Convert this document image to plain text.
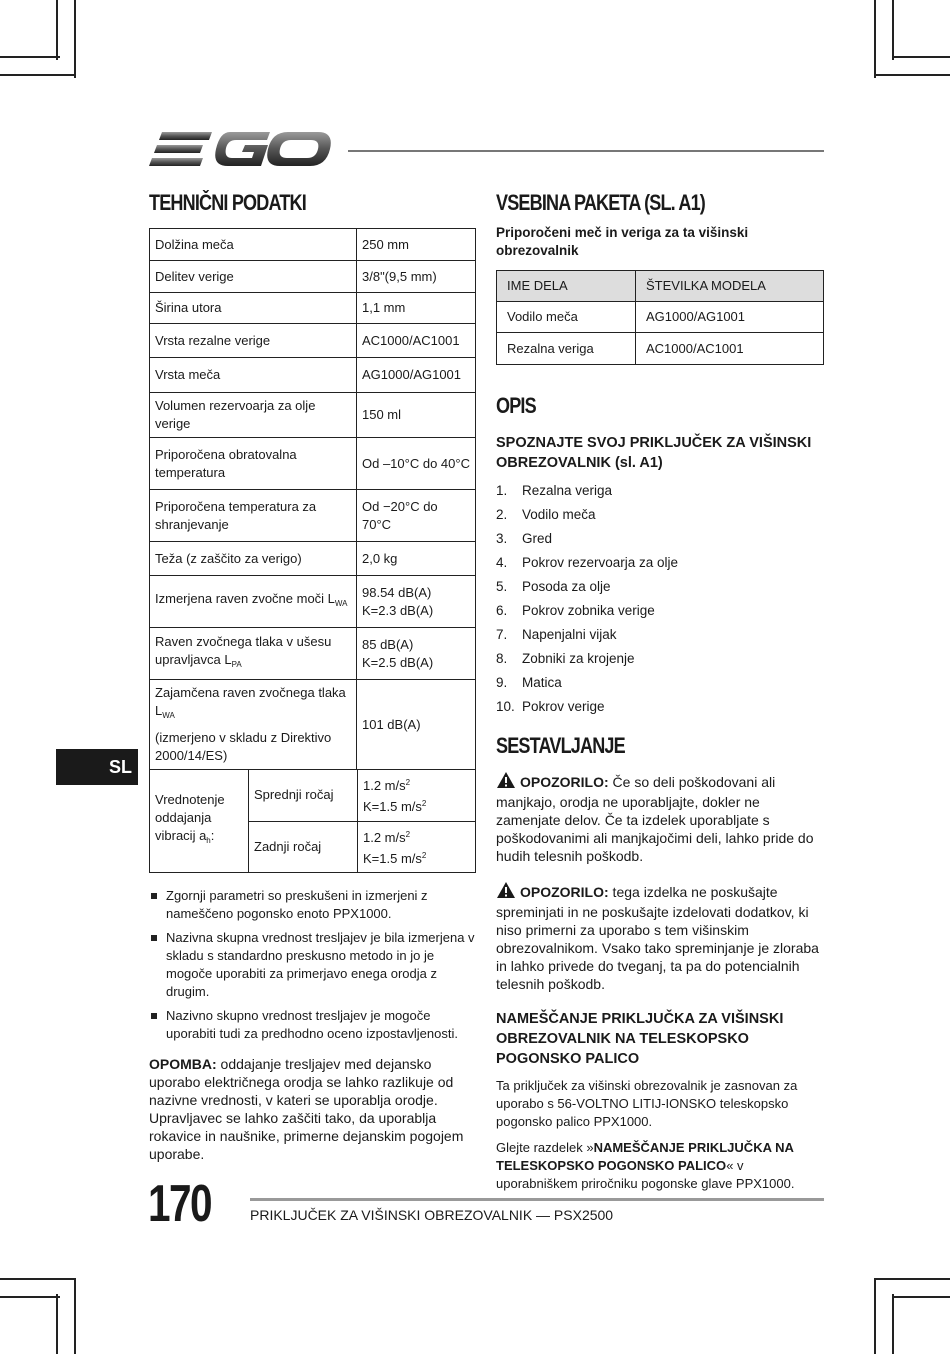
TEHNIČNI PODATKI
Dolžina meča	250 mm
Delitev verige	3/8"(9,5 mm)
Širina utora	1,1 mm
Vrsta rezalne verige	AC1000/AC1001
Vrsta meča	AG1000/AG1001
Volumen rezervoarja za olje verige	150 ml
Priporočena obratovalna temperatura	Od –10°C do 40°C
Priporočena temperatura za shranjevanje	Od −20°C do 70°C
Teža (z zaščito za verigo)	2,0 kg
Izmerjena raven zvočne moči $L_{WA}$	98.54 dB(A)
K=2.3 dB(A)
Raven zvočnega tlaka v ušesu
upravljavca $L_{PA}$	85 dB(A)
K=2.5 dB(A)
Zajamčena raven zvočnega tlaka $L_{WA}$
(izmerjeno v skladu z Direktivo 2000/14/ES)	101 dB(A)
Vrednotenje
oddajanja
vibracij $a_h$:	Sprednji ročaj	1.2 $m/s^2$
K=1.5 $m/s^2$
	Zadnji ročaj	1.2 $m/s^2$
K=1.5 $m/s^2$
Zgornji parametri so preskušeni in izmerjeni z nameščeno pogonsko enoto PPX1000.
Nazivna skupna vrednost tresljajev je bila izmerjena v skladu s standardno preskusno metodo in jo je mogoče uporabiti za primerjavo enega orodja z drugim.
Nazivno skupno vrednost tresljajev je mogoče uporabiti tudi za predhodno oceno izpostavljenosti.

OPOMBA: oddajanje tresljajev med dejansko uporabo električnega orodja se lahko razlikuje od nazivne vrednosti, v kateri se uporablja orodje. Upravljavec se lahko zaščiti tako, da uporablja rokavice in naušnike, primerne dejanskim pogojem uporabe.

VSEBINA PAKETA (SL. A1)
Priporočeni meč in veriga za ta višinski obrezovalnik
IME DELA	ŠTEVILKA MODELA
Vodilo meča	AG1000/AG1001
Rezalna veriga	AC1000/AC1001
OPIS
SPOZNAJTE SVOJ PRIKLJUČEK ZA VIŠINSKI OBREZOVALNIK (sl. A1)
1.	Rezalna veriga
2.	Vodilo meča
3.	Gred
4.	Pokrov rezervoarja za olje
5.	Posoda za olje
6.	Pokrov zobnika verige
7.	Napenjalni vijak
8.	Zobniki za krojenje
9.	Matica
10. Pokrov verige
SESTAVLJANJE

OPOZORILO: Če so deli poškodovani ali manjkajo, orodja ne uporabljajte, dokler ne zamenjate delov. Če ta izdelek uporabljate s poškodovanimi ali manjkajočimi deli, lahko pride do hudih telesnih poškodb.

OPOZORILO: tega izdelka ne poskušajte spreminjati in ne poskušajte izdelovati dodatkov, ki niso primerni za uporabo s tem višinskim obrezovalnikom. Vsako tako spreminjanje je zloraba in lahko privede do tveganj, ta pa do potencialnih telesnih poškodb.

NAMEŠČANJE PRIKLJUČKA ZA VIŠINSKI OBREZOVALNIK NA TELESKOPSKO POGONSKO PALICO

Ta priključek za višinski obrezovalnik je zasnovan za uporabo s 56-VOLTNO LITIJ-IONSKO teleskopsko pogonsko palico PPX1000.

Glejte razdelek »NAMEŠČANJE PRIKLJUČKA NA TELESKOPSKO POGONSKO PALICO« v uporabniškem priročniku pogonske glave PPX1000.

SL
170	PRIKLJUČEK ZA VIŠINSKI OBREZOVALNIK — PSX2500
